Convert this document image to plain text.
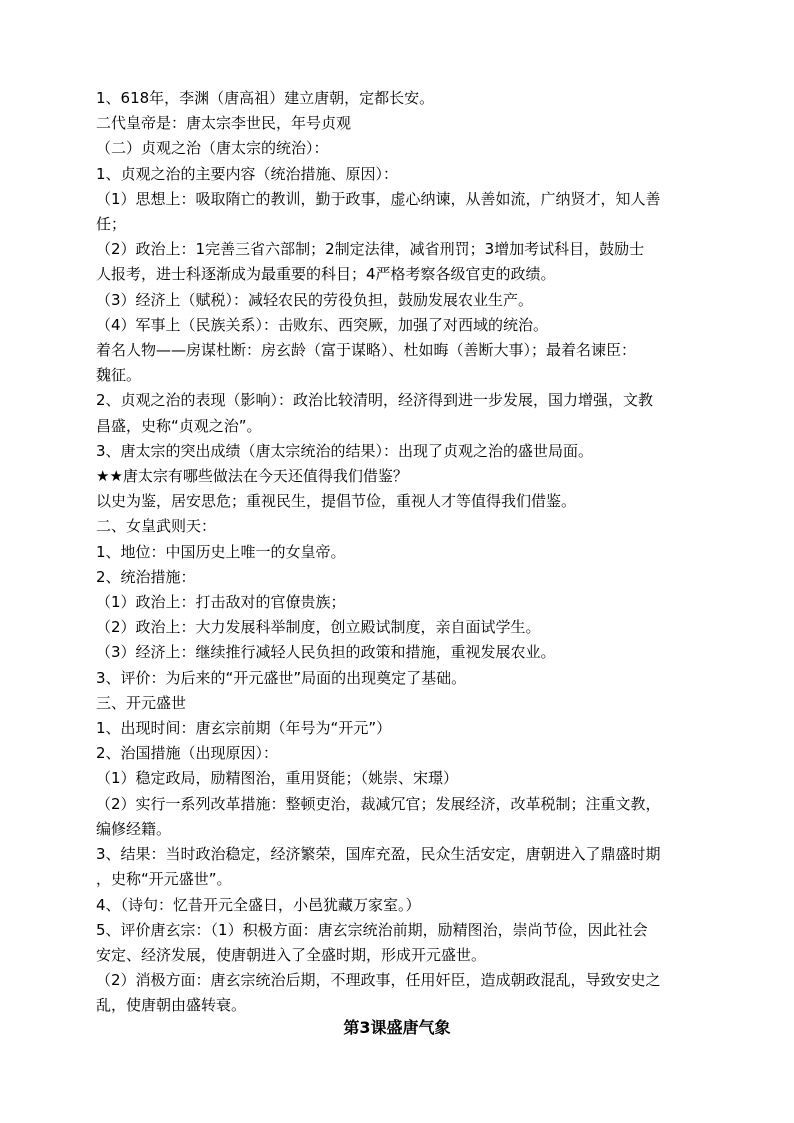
1、618年，李渊（唐高祖）建立唐朝，定都长安。

二代皇帝是：唐太宗李世民，年号贞观

（二）贞观之治（唐太宗的统治）：

1、贞观之治的主要内容（统治措施、原因）：

（1）思想上：吸取隋亡的教训，勤于政事，虚心纳谏，从善如流，广纳贤才，知人善

任；

（2）政治上：1完善三省六部制；2制定法律，减省刑罚；3增加考试科目，鼓励士

人报考，进士科逐渐成为最重要的科目；4严格考察各级官吏的政绩。

（3）经济上（赋税）：减轻农民的劳役负担，鼓励发展农业生产。

（4）军事上（民族关系）：击败东、西突厥，加强了对西域的统治。

着名人物——房谋杜断：房玄龄（富于谋略）、杜如晦（善断大事）；最着名谏臣：

魏征。

2、贞观之治的表现（影响）：政治比较清明，经济得到进一步发展，国力增强，文教

昌盛，史称“贞观之治”。

3、唐太宗的突出成绩（唐太宗统治的结果）：出现了贞观之治的盛世局面。

★★唐太宗有哪些做法在今天还值得我们借鉴？

以史为鉴，居安思危；重视民生，提倡节俭，重视人才等值得我们借鉴。

二、女皇武则天：

1、地位：中国历史上唯一的女皇帝。

2、统治措施：

（1）政治上：打击敌对的官僚贵族；

（2）政治上：大力发展科举制度，创立殿试制度，亲自面试学生。

（3）经济上：继续推行减轻人民负担的政策和措施，重视发展农业。

3、评价：为后来的“开元盛世”局面的出现奠定了基础。

三、开元盛世

1、出现时间：唐玄宗前期（年号为“开元”）

2、治国措施（出现原因）：

（1）稳定政局，励精图治，重用贤能；（姚崇、宋璟）

（2）实行一系列改革措施：整顿吏治，裁减冗官；发展经济，改革税制；注重文教，

编修经籍。

3、结果：当时政治稳定，经济繁荣，国库充盈，民众生活安定，唐朝进入了鼎盛时期

，史称“开元盛世”。

4、（诗句：忆昔开元全盛日，小邑犹藏万家室。）

5、评价唐玄宗：（1）积极方面：唐玄宗统治前期，励精图治，崇尚节俭，因此社会

安定、经济发展，使唐朝进入了全盛时期，形成开元盛世。

（2）消极方面：唐玄宗统治后期，不理政事，任用奸臣，造成朝政混乱，导致安史之

乱，使唐朝由盛转衰。

第3课盛唐气象
